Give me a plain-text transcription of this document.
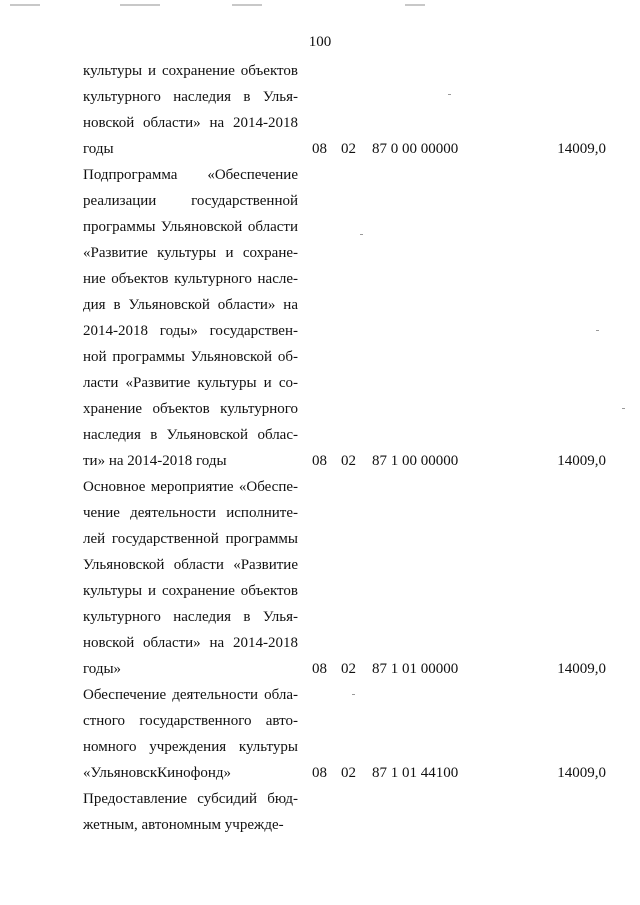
100
культуры и сохранение объектов
культурного наследия в Улья-
новской области» на 2014-2018
годы	08 02 87 0 00 00000	14009,0
Подпрограмма «Обеспечение
реализации государственной
программы Ульяновской области
«Развитие культуры и сохране-
ние объектов культурного насле-
дия в Ульяновской области» на
2014-2018 годы» государствен-
ной программы Ульяновской об-
ласти «Развитие культуры и со-
хранение объектов культурного
наследия в Ульяновской облас-
ти» на 2014-2018 годы	08 02 87 1 00 00000	14009,0
Основное мероприятие «Обеспе-
чение деятельности исполните-
лей государственной программы
Ульяновской области «Развитие
культуры и сохранение объектов
культурного наследия в Улья-
новской области» на 2014-2018
годы»	08 02 87 1 01 00000	14009,0
Обеспечение деятельности обла-
стного государственного авто-
номного учреждения культуры
«УльяновскКинофонд»	08 02 87 1 01 44100	14009,0
Предоставление субсидий бюд-
жетным, автономным учрежде-
